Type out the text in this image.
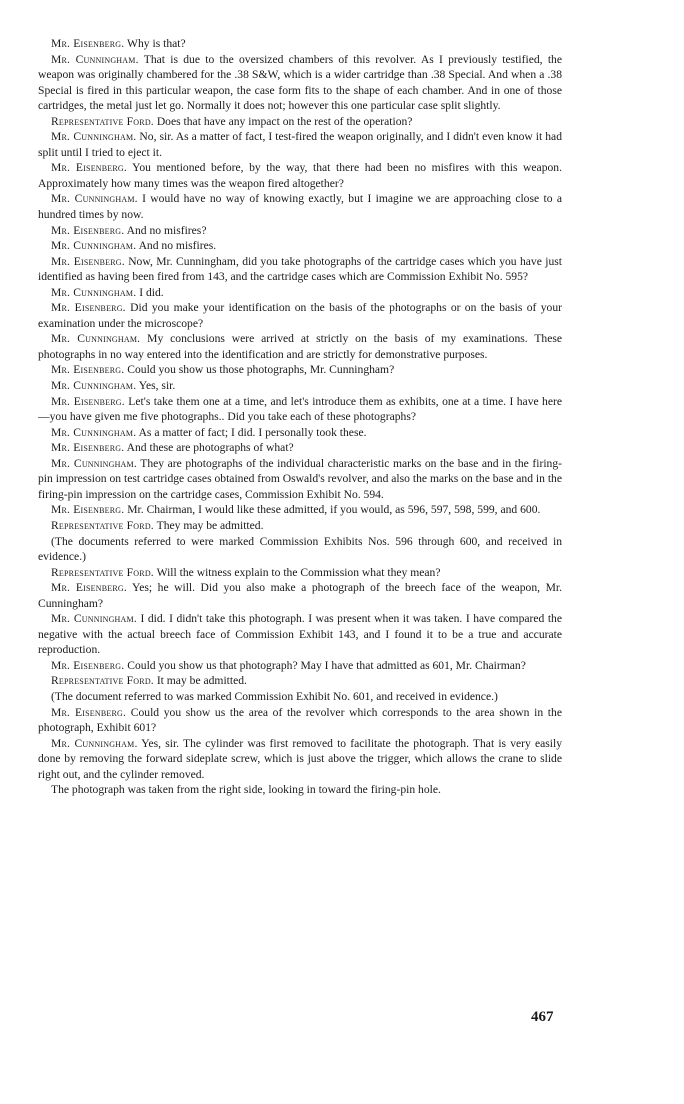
Mr. Eisenberg. Why is that?

Mr. Cunningham. That is due to the oversized chambers of this revolver. As I previously testified, the weapon was originally chambered for the .38 S&W, which is a wider cartridge than .38 Special. And when a .38 Special is fired in this particular weapon, the case form fits to the shape of each chamber. And in one of those cartridges, the metal just let go. Normally it does not; however this one particular case split slightly.

Representative Ford. Does that have any impact on the rest of the operation?

Mr. Cunningham. No, sir. As a matter of fact, I test-fired the weapon originally, and I didn't even know it had split until I tried to eject it.

Mr. Eisenberg. You mentioned before, by the way, that there had been no misfires with this weapon. Approximately how many times was the weapon fired altogether?

Mr. Cunningham. I would have no way of knowing exactly, but I imagine we are approaching close to a hundred times by now.

Mr. Eisenberg. And no misfires?

Mr. Cunningham. And no misfires.

Mr. Eisenberg. Now, Mr. Cunningham, did you take photographs of the cartridge cases which you have just identified as having been fired from 143, and the cartridge cases which are Commission Exhibit No. 595?

Mr. Cunningham. I did.

Mr. Eisenberg. Did you make your identification on the basis of the photographs or on the basis of your examination under the microscope?

Mr. Cunningham. My conclusions were arrived at strictly on the basis of my examinations. These photographs in no way entered into the identification and are strictly for demonstrative purposes.

Mr. Eisenberg. Could you show us those photographs, Mr. Cunningham?

Mr. Cunningham. Yes, sir.

Mr. Eisenberg. Let's take them one at a time, and let's introduce them as exhibits, one at a time. I have here—you have given me five photographs.. Did you take each of these photographs?

Mr. Cunningham. As a matter of fact; I did. I personally took these.

Mr. Eisenberg. And these are photographs of what?

Mr. Cunningham. They are photographs of the individual characteristic marks on the base and in the firing-pin impression on test cartridge cases obtained from Oswald's revolver, and also the marks on the base and in the firing-pin impression on the cartridge cases, Commission Exhibit No. 594.

Mr. Eisenberg. Mr. Chairman, I would like these admitted, if you would, as 596, 597, 598, 599, and 600.

Representative Ford. They may be admitted.

(The documents referred to were marked Commission Exhibits Nos. 596 through 600, and received in evidence.)

Representative Ford. Will the witness explain to the Commission what they mean?

Mr. Eisenberg. Yes; he will. Did you also make a photograph of the breech face of the weapon, Mr. Cunningham?

Mr. Cunningham. I did. I didn't take this photograph. I was present when it was taken. I have compared the negative with the actual breech face of Commission Exhibit 143, and I found it to be a true and accurate reproduction.

Mr. Eisenberg. Could you show us that photograph? May I have that admitted as 601, Mr. Chairman?

Representative Ford. It may be admitted.

(The document referred to was marked Commission Exhibit No. 601, and received in evidence.)

Mr. Eisenberg. Could you show us the area of the revolver which corresponds to the area shown in the photograph, Exhibit 601?

Mr. Cunningham. Yes, sir. The cylinder was first removed to facilitate the photograph. That is very easily done by removing the forward sideplate screw, which is just above the trigger, which allows the crane to slide right out, and the cylinder removed.

The photograph was taken from the right side, looking in toward the firing-pin hole.

467
